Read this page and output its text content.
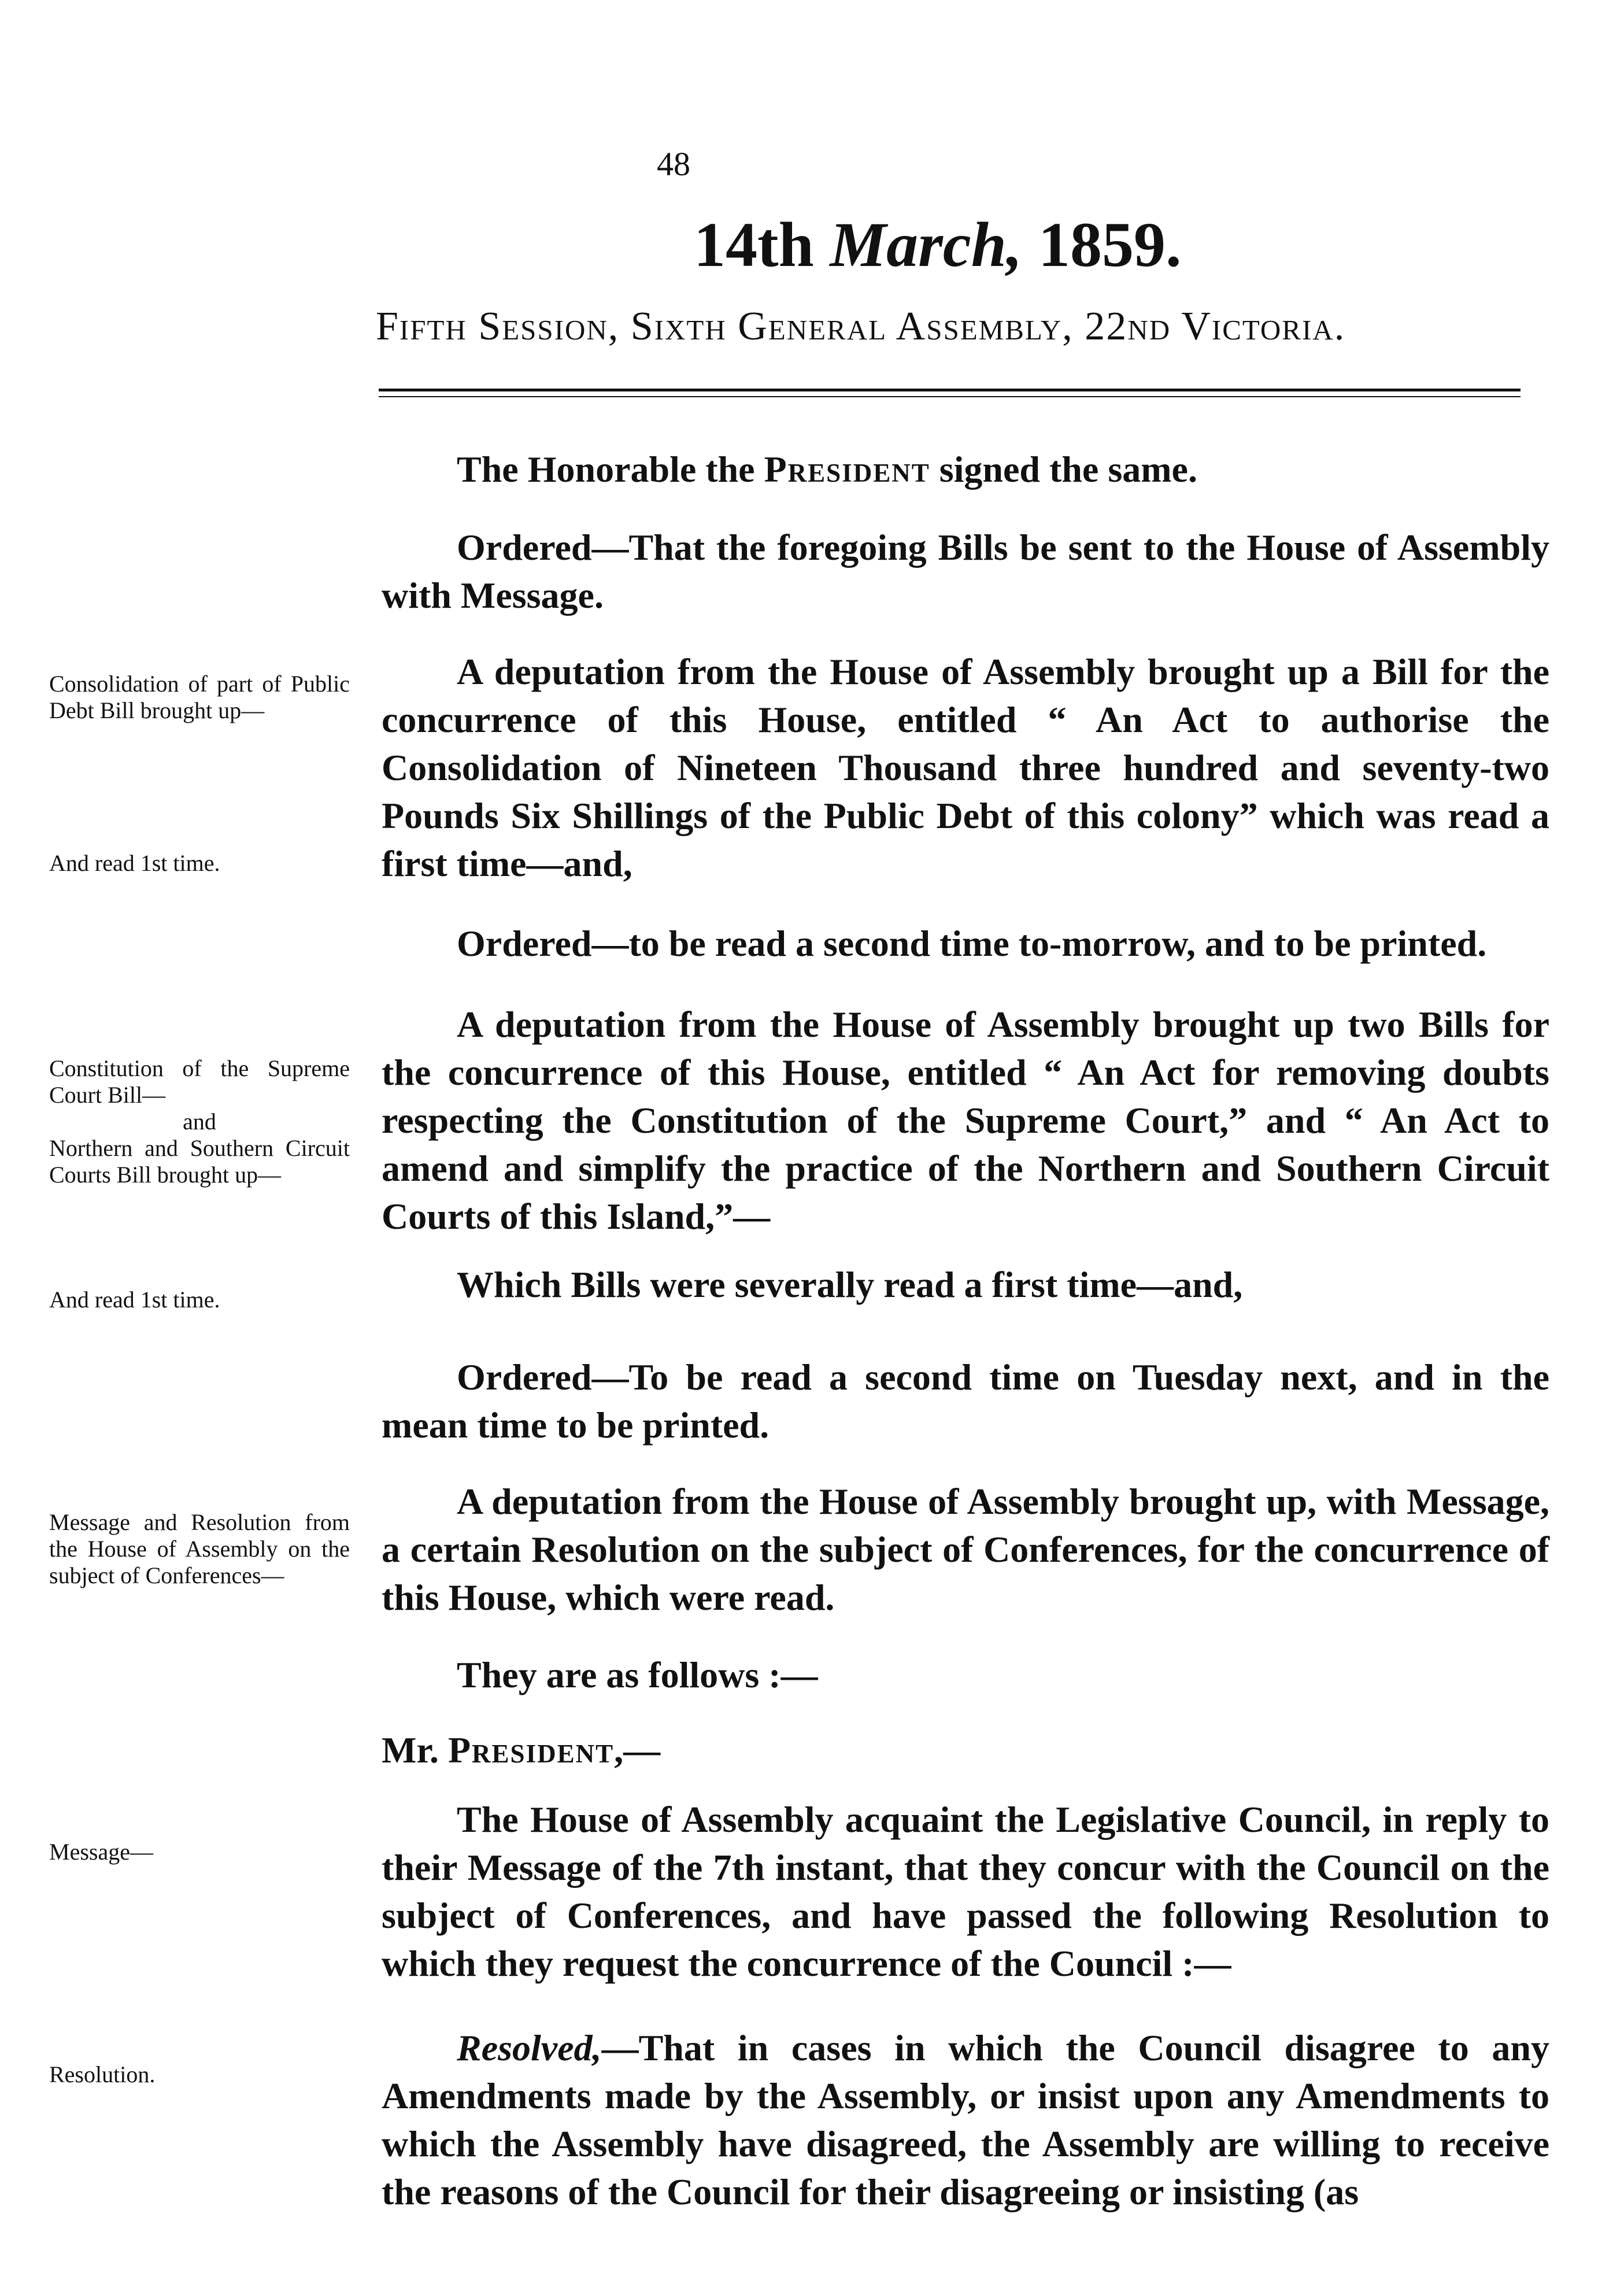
48
14th March, 1859.
Fifth Session, Sixth General Assembly, 22nd Victoria.

The Honorable the President signed the same.

Ordered—That the foregoing Bills be sent to the House of Assembly with Message.

A deputation from the House of Assembly brought up a Bill for the concurrence of this House, entitled “ An Act to authorise the Consolidation of Nineteen Thousand three hundred and seventy-two Pounds Six Shillings of the Public Debt of this colony” which was read a first time—and,

Ordered—to be read a second time to-morrow, and to be printed.

A deputation from the House of Assembly brought up two Bills for the concurrence of this House, entitled “ An Act for removing doubts respecting the Constitution of the Supreme Court,” and “ An Act to amend and simplify the practice of the Northern and Southern Circuit Courts of this Island,”—

Which Bills were severally read a first time—and,

Ordered—To be read a second time on Tuesday next, and in the mean time to be printed.

A deputation from the House of Assembly brought up, with Message, a certain Resolution on the subject of Conferences, for the concurrence of this House, which were read.

They are as follows :—

Mr. President,—

The House of Assembly acquaint the Legislative Council, in reply to their Message of the 7th instant, that they concur with the Council on the subject of Conferences, and have passed the following Resolution to which they request the concurrence of the Council :—

Resolved,—That in cases in which the Council disagree to any Amendments made by the Assembly, or insist upon any Amendments to which the Assembly have disagreed, the Assembly are willing to receive the reasons of the Council for their disagreeing or insisting (as

Consolidation of part of Public Debt Bill brought up—

And read 1st time.

Constitution of the Supreme Court Bill—
and
Northern and Southern Circuit Courts Bill brought up—

And read 1st time.

Message and Resolution from the House of Assembly on the subject of Conferences—

Message—

Resolution.
